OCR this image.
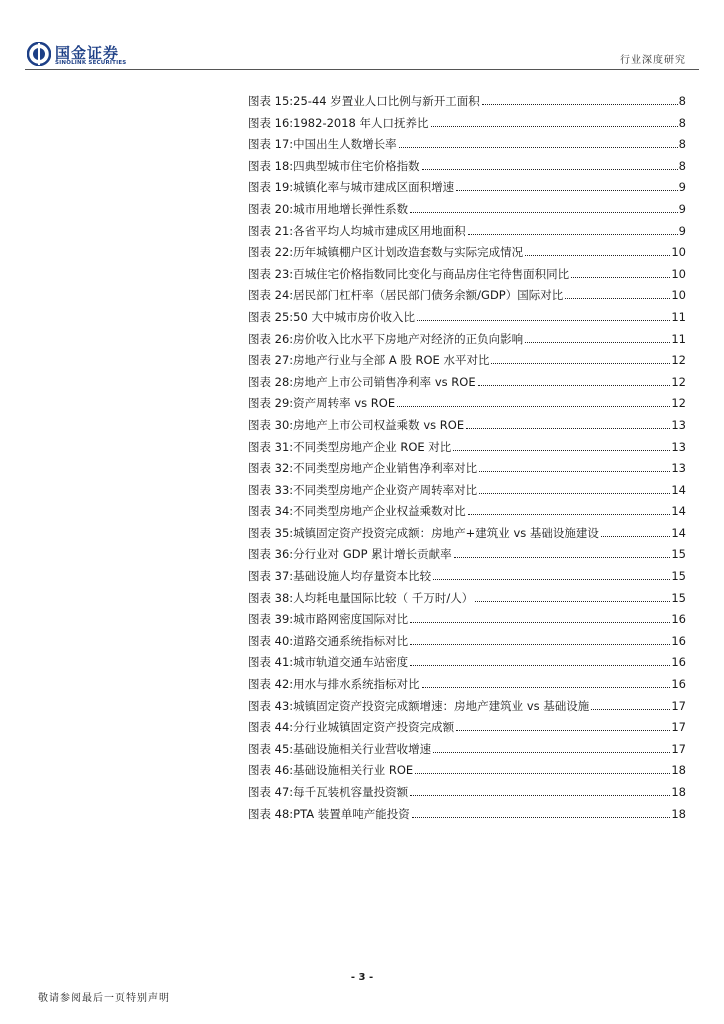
国金证券
SINOLINK SECURITIES	行业深度研究
图表 15: 25-44 岁置业人口比例与新开工面积	8
图表 16: 1982-2018 年人口抚养比	8
图表 17: 中国出生人数增长率	8
图表 18: 四典型城市住宅价格指数	8
图表 19: 城镇化率与城市建成区面积增速	9
图表 20: 城市用地增长弹性系数	9
图表 21: 各省平均人均城市建成区用地面积	9
图表 22: 历年城镇棚户区计划改造套数与实际完成情况	10
图表 23: 百城住宅价格指数同比变化与商品房住宅待售面积同比	10
图表 24: 居民部门杠杆率（居民部门债务余额/GDP）国际对比	10
图表 25: 50 大中城市房价收入比	11
图表 26: 房价收入比水平下房地产对经济的正负向影响	11
图表 27: 房地产行业与全部 A 股 ROE 水平对比	12
图表 28: 房地产上市公司销售净利率 vs ROE	12
图表 29: 资产周转率 vs ROE	12
图表 30: 房地产上市公司权益乘数 vs ROE	13
图表 31: 不同类型房地产企业 ROE 对比	13
图表 32: 不同类型房地产企业销售净利率对比	13
图表 33: 不同类型房地产企业资产周转率对比	14
图表 34: 不同类型房地产企业权益乘数对比	14
图表 35: 城镇固定资产投资完成额：房地产+建筑业 vs 基础设施建设	14
图表 36: 分行业对 GDP 累计增长贡献率	15
图表 37: 基础设施人均存量资本比较	15
图表 38: 人均耗电量国际比较（ 千万时/人）	15
图表 39: 城市路网密度国际对比	16
图表 40: 道路交通系统指标对比	16
图表 41: 城市轨道交通车站密度	16
图表 42: 用水与排水系统指标对比	16
图表 43: 城镇固定资产投资完成额增速：房地产建筑业 vs 基础设施	17
图表 44: 分行业城镇固定资产投资完成额	17
图表 45: 基础设施相关行业营收增速	17
图表 46: 基础设施相关行业 ROE	18
图表 47: 每千瓦装机容量投资额	18
图表 48: PTA 装置单吨产能投资	18
- 3 -
敬请参阅最后一页特别声明
